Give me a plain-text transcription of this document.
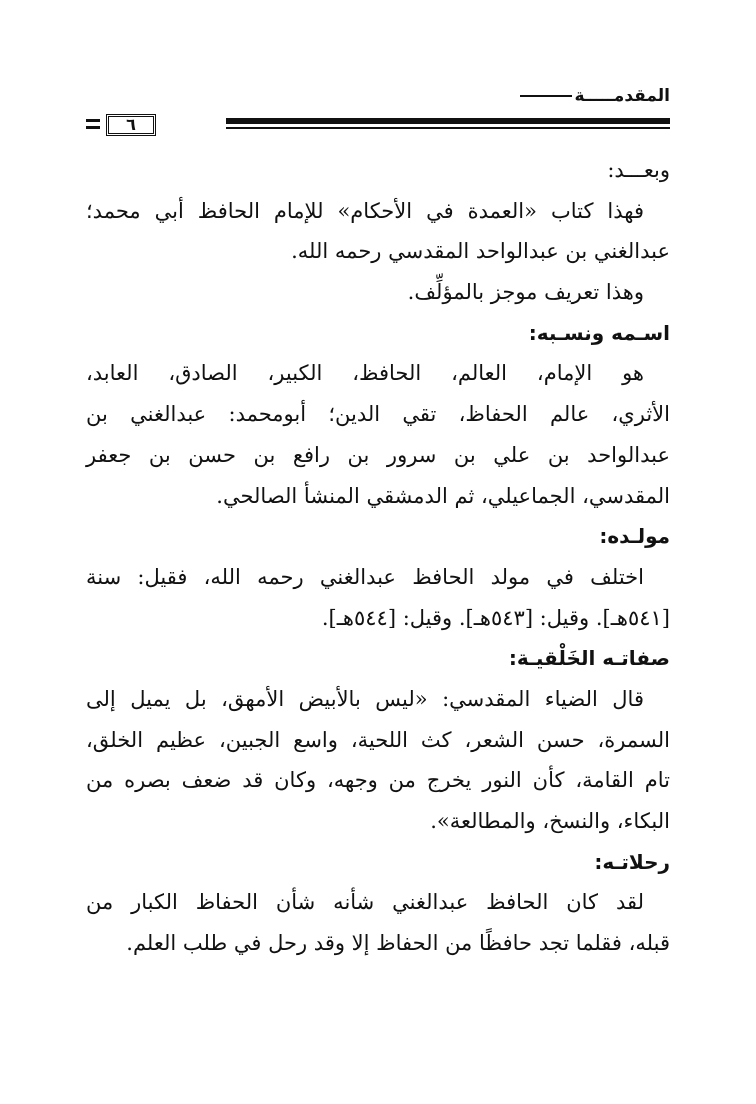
المقدمـــــة
٦

وبعـــد:

فهذا كتاب «العمدة في الأحكام» للإمام الحافظ أبي محمد؛

عبدالغني بن عبدالواحد المقدسي رحمه الله.

وهذا تعريف موجز بالمؤلِّف.

اسـمه ونسـبه:

هو الإمام، العالم، الحافظ، الكبير، الصادق، العابد،

الأثري، عالم الحفاظ، تقي الدين؛ أبومحمد: عبدالغني بن

عبدالواحد بن علي بن سرور بن رافع بن حسن بن جعفر

المقدسي، الجماعيلي، ثم الدمشقي المنشأ الصالحي.

مولـده:

اختلف في مولد الحافظ عبدالغني رحمه الله، فقيل: سنة

[٥٤١هـ]. وقيل: [٥٤٣هـ]. وقيل: [٥٤٤هـ].

صفاتـه الخَلْقيـة:

قال الضياء المقدسي: «ليس بالأبيض الأمهق، بل يميل إلى

السمرة، حسن الشعر، كث اللحية، واسع الجبين، عظيم الخلق،

تام القامة، كأن النور يخرج من وجهه، وكان قد ضعف بصره من

البكاء، والنسخ، والمطالعة».

رحلاتـه:

لقد كان الحافظ عبدالغني شأنه شأن الحفاظ الكبار من

قبله، فقلما تجد حافظًا من الحفاظ إلا وقد رحل في طلب العلم.
